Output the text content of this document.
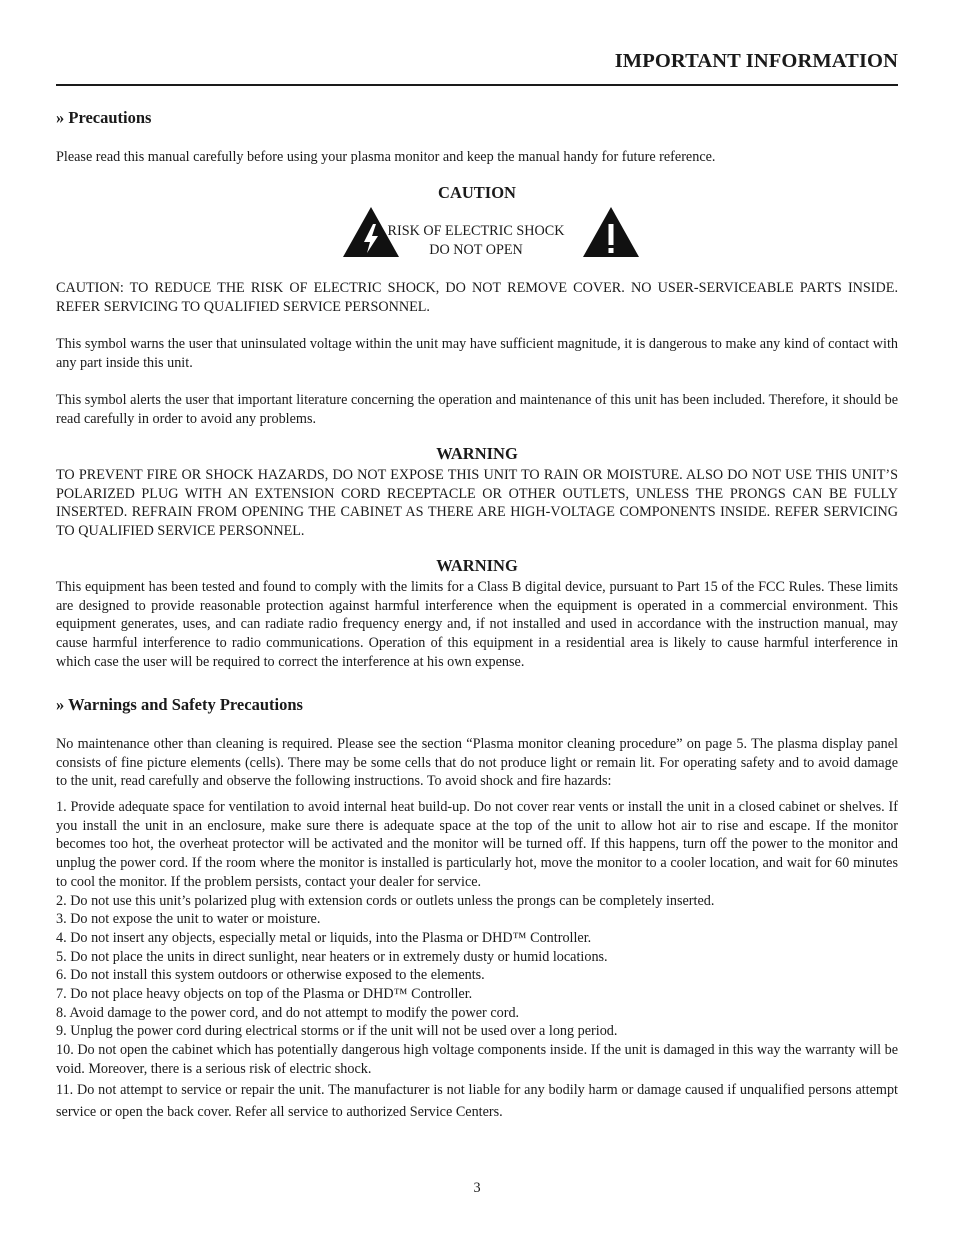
IMPORTANT INFORMATION
» Precautions

Please read this manual carefully before using your plasma monitor and keep the manual handy for future reference.

CAUTION
RISK OF ELECTRIC SHOCK
DO NOT OPEN

CAUTION: TO REDUCE THE RISK OF ELECTRIC SHOCK, DO NOT REMOVE COVER. NO USER-SERVICEABLE PARTS INSIDE. REFER SERVICING TO QUALIFIED SERVICE PERSONNEL.

This symbol warns the user that uninsulated voltage within the unit may have sufficient magnitude, it is dangerous to make any kind of contact with any part inside this unit.

This symbol alerts the user that important literature concerning the operation and maintenance of this unit has been included. Therefore, it should be read carefully in order to avoid any problems.

WARNING

TO PREVENT FIRE OR SHOCK HAZARDS, DO NOT EXPOSE THIS UNIT TO RAIN OR MOISTURE. ALSO DO NOT USE THIS UNIT’S POLARIZED PLUG WITH AN EXTENSION CORD RECEPTACLE OR OTHER OUTLETS, UNLESS THE PRONGS CAN BE FULLY INSERTED. REFRAIN FROM OPENING THE CABINET AS THERE ARE HIGH-VOLTAGE COMPONENTS INSIDE. REFER SERVICING TO QUALIFIED SERVICE PERSONNEL.

WARNING

This equipment has been tested and found to comply with the limits for a Class B digital device, pursuant to Part 15 of the FCC Rules. These limits are designed to provide reasonable protection against harmful interference when the equipment is operated in a commercial environment. This equipment generates, uses, and can radiate radio frequency energy and, if not installed and used in accordance with the instruction manual, may cause harmful interference to radio communications. Operation of this equipment in a residential area is likely to cause harmful interference in which case the user will be required to correct the interference at his own expense.

» Warnings and Safety Precautions

No maintenance other than cleaning is required. Please see the section “Plasma monitor cleaning procedure” on page 5. The plasma display panel consists of fine picture elements (cells). There may be some cells that do not produce light or remain lit. For operating safety and to avoid damage to the unit, read carefully and observe the following instructions. To avoid shock and fire hazards:

1. Provide adequate space for ventilation to avoid internal heat build-up. Do not cover rear vents or install the unit in a closed cabinet or shelves. If you install the unit in an enclosure, make sure there is adequate space at the top of the unit to allow hot air to rise and escape. If the monitor becomes too hot, the overheat protector will be activated and the monitor will be turned off. If this happens, turn off the power to the monitor and unplug the power cord. If the room where the monitor is installed is particularly hot, move the monitor to a cooler location, and wait for 60 minutes to cool the monitor. If the problem persists, contact your dealer for service.

2. Do not use this unit’s polarized plug with extension cords or outlets unless the prongs can be completely inserted.

3. Do not expose the unit to water or moisture.

4. Do not insert any objects, especially metal or liquids, into the Plasma or DHD™ Controller.

5. Do not place the units in direct sunlight, near heaters or in extremely dusty or humid locations.

6. Do not install this system outdoors or otherwise exposed to the elements.

7. Do not place heavy objects on top of the Plasma or DHD™ Controller.

8. Avoid damage to the power cord, and do not attempt to modify the power cord.

9. Unplug the power cord during electrical storms or if the unit will not be used over a long period.

10. Do not open the cabinet which has potentially dangerous high voltage components inside. If the unit is damaged in this way the warranty will be void. Moreover, there is a serious risk of electric shock.

11. Do not attempt to service or repair the unit. The manufacturer is not liable for any bodily harm or damage caused if unqualified persons attempt service or open the back cover. Refer all service to authorized Service Centers.

3
